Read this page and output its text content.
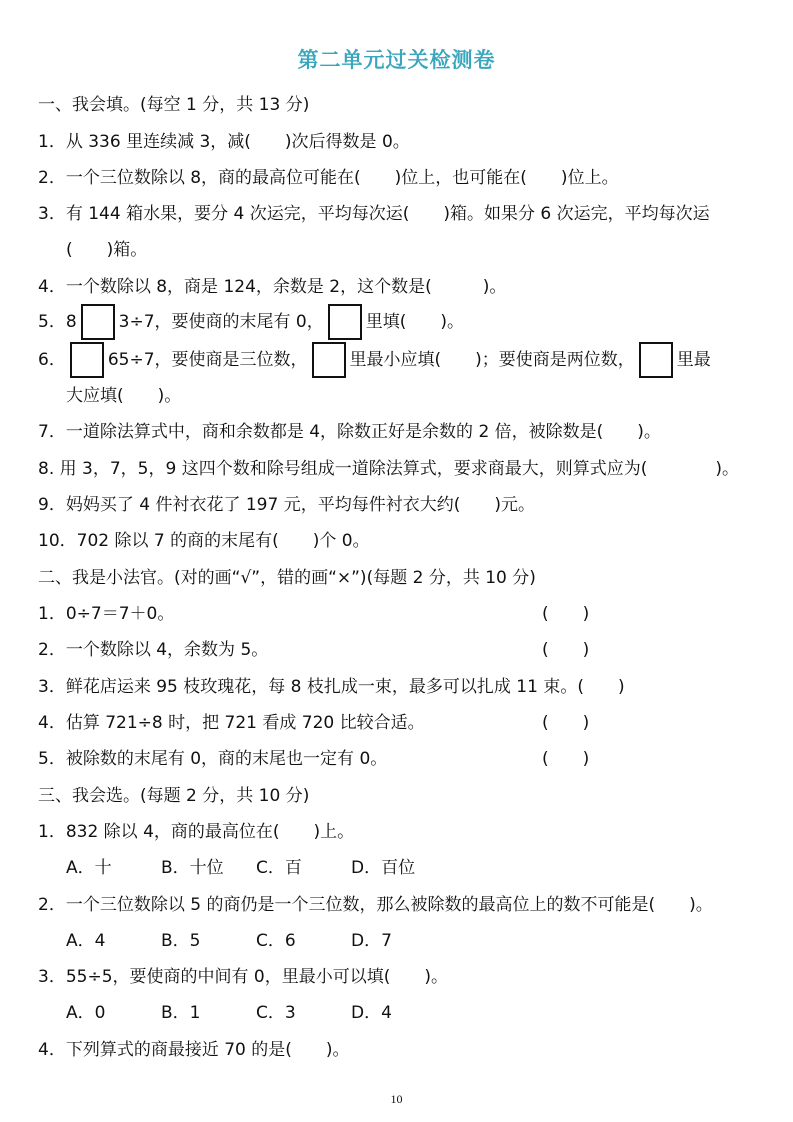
第二单元过关检测卷
一、我会填。(每空 1 分，共 13 分)
1．从 336 里连续减 3，减(　　)次后得数是 0。
2．一个三位数除以 8，商的最高位可能在(　　)位上，也可能在(　　)位上。
3．有 144 箱水果，要分 4 次运完，平均每次运(　　)箱。如果分 6 次运完，平均每次运
(　　)箱。
4．一个数除以 8，商是 124，余数是 2，这个数是(　　　)。
5．8 3÷7，要使商的末尾有 0， 里填(　　)。
6． 65÷7，要使商是三位数， 里最小应填(　　)；要使商是两位数， 里最
大应填(　　)。
7．一道除法算式中，商和余数都是 4，除数正好是余数的 2 倍，被除数是(　　)。
8. 用 3，7，5，9 这四个数和除号组成一道除法算式，要求商最大，则算式应为(　　　　)。
9．妈妈买了 4 件衬衣花了 197 元，平均每件衬衣大约(　　)元。
10．702 除以 7 的商的末尾有(　　)个 0。
二、我是小法官。(对的画“√”，错的画“×”)(每题 2 分，共 10 分)
1．0÷7＝7＋0。	(　　)
2．一个数除以 4，余数为 5。	(　　)
3．鲜花店运来 95 枝玫瑰花，每 8 枝扎成一束，最多可以扎成 11 束。(　　)
4．估算 721÷8 时，把 721 看成 720 比较合适。	(　　)
5．被除数的末尾有 0，商的末尾也一定有 0。	(　　)
三、我会选。(每题 2 分，共 10 分)
1．832 除以 4，商的最高位在(　　)上。
A．十	B．十位 C．百	D．百位
2．一个三位数除以 5 的商仍是一个三位数，那么被除数的最高位上的数不可能是(　　)。
A．4	B．5	C．6	D．7
3．55÷5，要使商的中间有 0，里最小可以填(　　)。
A．0	B．1	C．3	D．4
4．下列算式的商最接近 70 的是(　　)。
10
